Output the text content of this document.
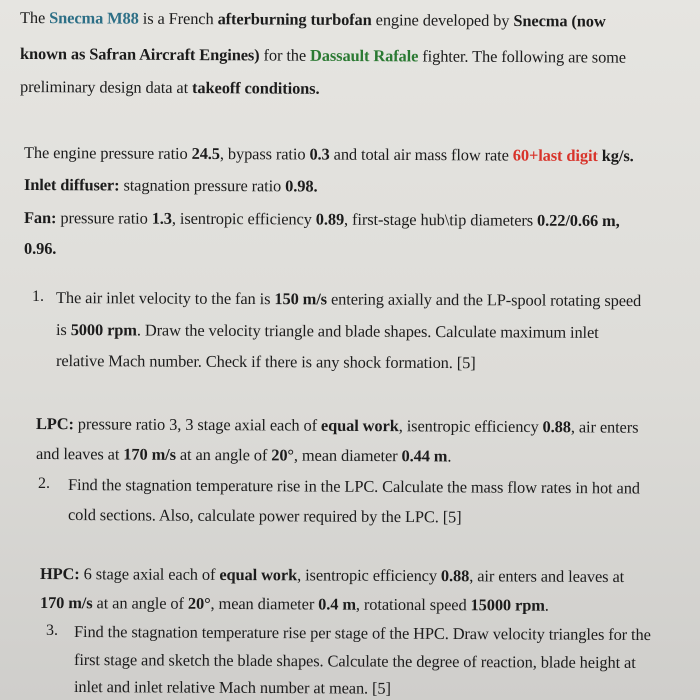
The Snecma M88 is a French afterburning turbofan engine developed by Snecma (now
known as Safran Aircraft Engines) for the Dassault Rafale fighter. The following are some
preliminary design data at takeoff conditions.
The engine pressure ratio 24.5, bypass ratio 0.3 and total air mass flow rate 60+last digit kg/s.
Inlet diffuser: stagnation pressure ratio 0.98.
Fan: pressure ratio 1.3, isentropic efficiency 0.89, first-stage hub\tip diameters 0.22/0.66 m,
0.96.
1. The air inlet velocity to the fan is 150 m/s entering axially and the LP-spool rotating speed
is 5000 rpm. Draw the velocity triangle and blade shapes. Calculate maximum inlet
relative Mach number. Check if there is any shock formation. [5]
LPC: pressure ratio 3, 3 stage axial each of equal work, isentropic efficiency 0.88, air enters
and leaves at 170 m/s at an angle of 20°, mean diameter 0.44 m.
2. Find the stagnation temperature rise in the LPC. Calculate the mass flow rates in hot and
cold sections. Also, calculate power required by the LPC. [5]
HPC: 6 stage axial each of equal work, isentropic efficiency 0.88, air enters and leaves at
170 m/s at an angle of 20°, mean diameter 0.4 m, rotational speed 15000 rpm.
3. Find the stagnation temperature rise per stage of the HPC. Draw velocity triangles for the
first stage and sketch the blade shapes. Calculate the degree of reaction, blade height at
inlet and inlet relative Mach number at mean. [5]
